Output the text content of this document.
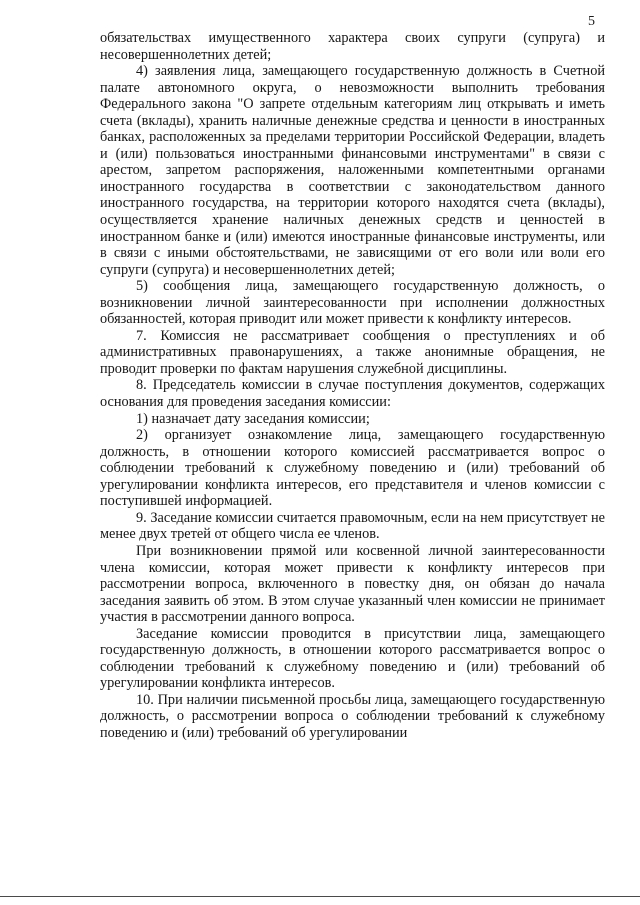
5

обязательствах имущественного характера своих супруги (супруга) и несовершеннолетних детей;

4) заявления лица, замещающего государственную должность в Счетной палате автономного округа, о невозможности выполнить требования Федерального закона "О запрете отдельным категориям лиц открывать и иметь счета (вклады), хранить наличные денежные средства и ценности в иностранных банках, расположенных за пределами территории Российской Федерации, владеть и (или) пользоваться иностранными финансовыми инструментами" в связи с арестом, запретом распоряжения, наложенными компетентными органами иностранного государства в соответствии с законодательством данного иностранного государства, на территории которого находятся счета (вклады), осуществляется хранение наличных денежных средств и ценностей в иностранном банке и (или) имеются иностранные финансовые инструменты, или в связи с иными обстоятельствами, не зависящими от его воли или воли его супруги (супруга) и несовершеннолетних детей;

5) сообщения лица, замещающего государственную должность, о возникновении личной заинтересованности при исполнении должностных обязанностей, которая приводит или может привести к конфликту интересов.

7. Комиссия не рассматривает сообщения о преступлениях и об административных правонарушениях, а также анонимные обращения, не проводит проверки по фактам нарушения служебной дисциплины.

8. Председатель комиссии в случае поступления документов, содержащих основания для проведения заседания комиссии:

1) назначает дату заседания комиссии;

2) организует ознакомление лица, замещающего государственную должность, в отношении которого комиссией рассматривается вопрос о соблюдении требований к служебному поведению и (или) требований об урегулировании конфликта интересов, его представителя и членов комиссии с поступившей информацией.

9. Заседание комиссии считается правомочным, если на нем присутствует не менее двух третей от общего числа ее членов.

При возникновении прямой или косвенной личной заинтересованности члена комиссии, которая может привести к конфликту интересов при рассмотрении вопроса, включенного в повестку дня, он обязан до начала заседания заявить об этом. В этом случае указанный член комиссии не принимает участия в рассмотрении данного вопроса.

Заседание комиссии проводится в присутствии лица, замещающего государственную должность, в отношении которого рассматривается вопрос о соблюдении требований к служебному поведению и (или) требований об урегулировании конфликта интересов.

10. При наличии письменной просьбы лица, замещающего государственную должность, о рассмотрении вопроса о соблюдении требований к служебному поведению и (или) требований об урегулировании
